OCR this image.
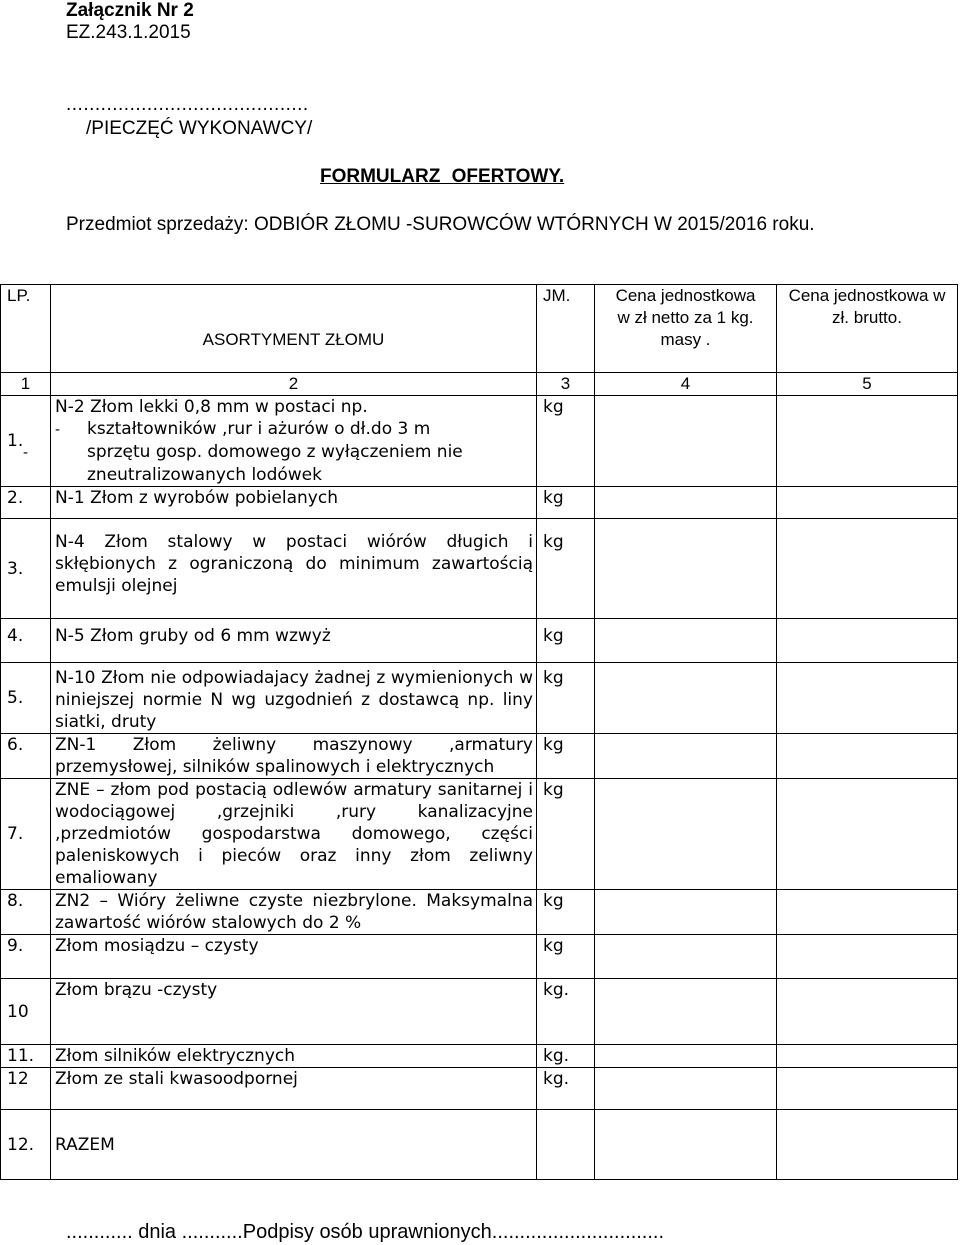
Załącznik Nr 2
EZ.243.1.2015
..........................................
/PIECZĘĆ WYKONAWCY/
FORMULARZ OFERTOWY.
Przedmiot sprzedaży: ODBIÓR ZŁOMU -SUROWCÓW WTÓRNYCH W 2015/2016 roku.
LP.	ASORTYMENT ZŁOMU	JM.	Cena jednostkowa w zł netto za 1 kg. masy .	Cena jednostkowa w zł. brutto.
1	2	3	4	5
1.	N-2 Złom lekki 0,8 mm w postaci np.
- kształtowników ,rur i ażurów o dł.do 3 m
- sprzętu gosp. domowego z wyłączeniem nie zneutralizowanych lodówek	kg		
2.	N-1 Złom z wyrobów pobielanych	kg		
3.	N-4 Złom stalowy w postaci wiórów długich i skłębionych z ograniczoną do minimum zawartością emulsji olejnej	kg		
4.	N-5 Złom gruby od 6 mm wzwyż	kg		
5.	N-10 Złom nie odpowiadajacy żadnej z wymienionych w niniejszej normie N wg uzgodnień z dostawcą np. liny siatki, druty	kg		
6.	ZN-1 Złom żeliwny maszynowy ,armatury przemysłowej, silników spalinowych i elektrycznych	kg		
7.	ZNE – złom pod postacią odlewów armatury sanitarnej i wodociągowej ,grzejniki ,rury kanalizacyjne ,przedmiotów gospodarstwa domowego, części paleniskowych i pieców oraz inny złom zeliwny emaliowany	kg		
8.	ZN2 – Wióry żeliwne czyste niezbrylone. Maksymalna zawartość wiórów stalowych do 2 %	kg		
9.	Złom mosiądzu – czysty	kg		
10	Złom brązu -czysty	kg.		
11.	Złom silników elektrycznych	kg.		
12	Złom ze stali kwasoodpornej	kg.		
12.	RAZEM			
............ dnia ...........Podpisy osób uprawnionych...............................
